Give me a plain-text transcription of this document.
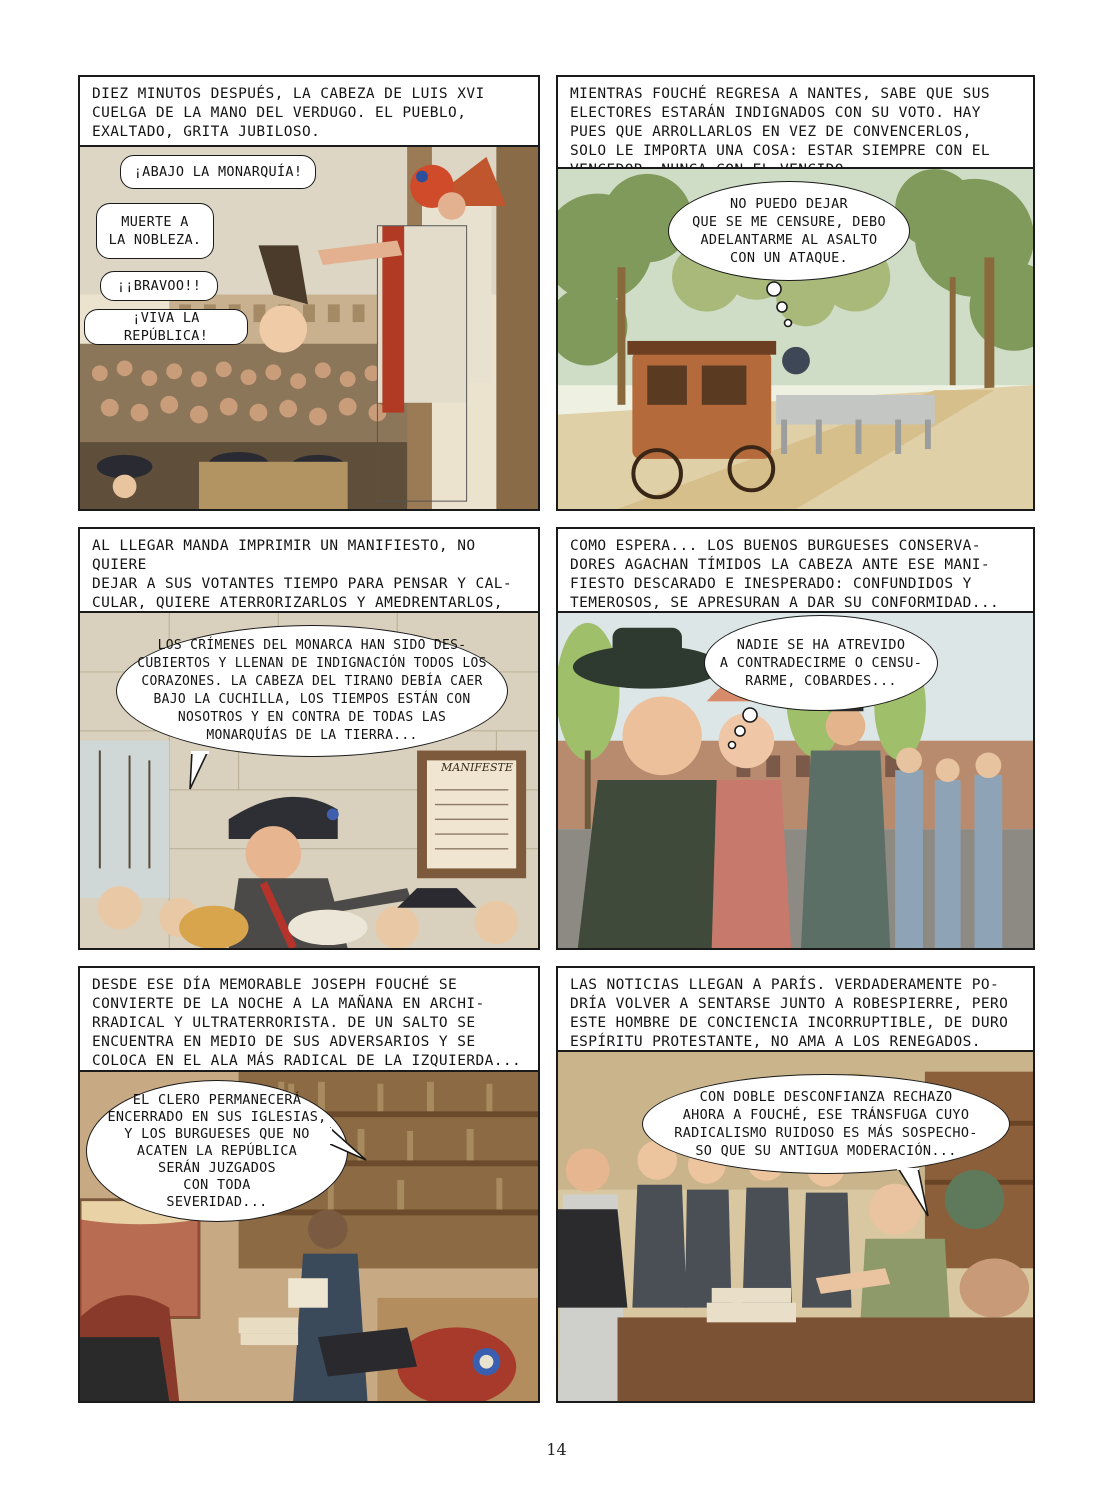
DIEZ MINUTOS DESPUÉS, LA CABEZA DE LUIS XVI
CUELGA DE LA MANO DEL VERDUGO. EL PUEBLO,
EXALTADO, GRITA JUBILOSO.
¡ABAJO LA MONARQUÍA!
MUERTE A
LA NOBLEZA.
¡¡BRAVOO!!
¡VIVA LA REPÚBLICA!
MIENTRAS FOUCHÉ REGRESA A NANTES, SABE QUE SUS
ELECTORES ESTARÁN INDIGNADOS CON SU VOTO. HAY
PUES QUE ARROLLARLOS EN VEZ DE CONVENCERLOS,
SOLO LE IMPORTA UNA COSA: ESTAR SIEMPRE CON EL

NO PUEDO DEJAR
QUE SE ME CENSURE, DEBO
ADELANTARME AL ASALTO
CON UN ATAQUE.
AL LLEGAR MANDA IMPRIMIR UN MANIFIESTO, NO QUIERE
DEJAR A SUS VOTANTES TIEMPO PARA PENSAR Y CAL-
CULAR, QUIERE ATERRORIZARLOS Y AMEDRENTARLOS,

LOS CRÍMENES DEL MONARCA HAN SIDO DES-
CUBIERTOS Y LLENAN DE INDIGNACIÓN TODOS LOS
CORAZONES. LA CABEZA DEL TIRANO DEBÍA CAER
BAJO LA CUCHILLA, LOS TIEMPOS ESTÁN CON
NOSOTROS Y EN CONTRA DE TODAS LAS
MONARQUÍAS DE LA TIERRA...
MANIFESTE
COMO ESPERA... LOS BUENOS BURGUESES CONSERVA-
DORES AGACHAN TÍMIDOS LA CABEZA ANTE ESE MANI-
FIESTO DESCARADO E INESPERADO: CONFUNDIDOS Y
TEMEROSOS, SE APRESURAN A DAR SU CONFORMIDAD...
NADIE SE HA ATREVIDO
A CONTRADECIRME O CENSU-
RARME, COBARDES...
DESDE ESE DÍA MEMORABLE JOSEPH FOUCHÉ SE
CONVIERTE DE LA NOCHE A LA MAÑANA EN ARCHI-
RRADICAL Y ULTRATERRORISTA. DE UN SALTO SE
ENCUENTRA EN MEDIO DE SUS ADVERSARIOS Y SE
COLOCA EN EL ALA MÁS RADICAL DE LA IZQUIERDA...
EL CLERO PERMANECERÁ
ENCERRADO EN SUS IGLESIAS,
Y LOS BURGUESES QUE NO
ACATEN LA REPÚBLICA
SERÁN JUZGADOS
CON TODA
SEVERIDAD...
LAS NOTICIAS LLEGAN A PARÍS. VERDADERAMENTE PO-
DRÍA VOLVER A SENTARSE JUNTO A ROBESPIERRE, PERO
ESTE HOMBRE DE CONCIENCIA INCORRUPTIBLE, DE DURO
ESPÍRITU PROTESTANTE, NO AMA A LOS RENEGADOS.
CON DOBLE DESCONFIANZA RECHAZO
AHORA A FOUCHÉ, ESE TRÁNSFUGA CUYO
RADICALISMO RUIDOSO ES MÁS SOSPECHO-
SO QUE SU ANTIGUA MODERACIÓN...
14
